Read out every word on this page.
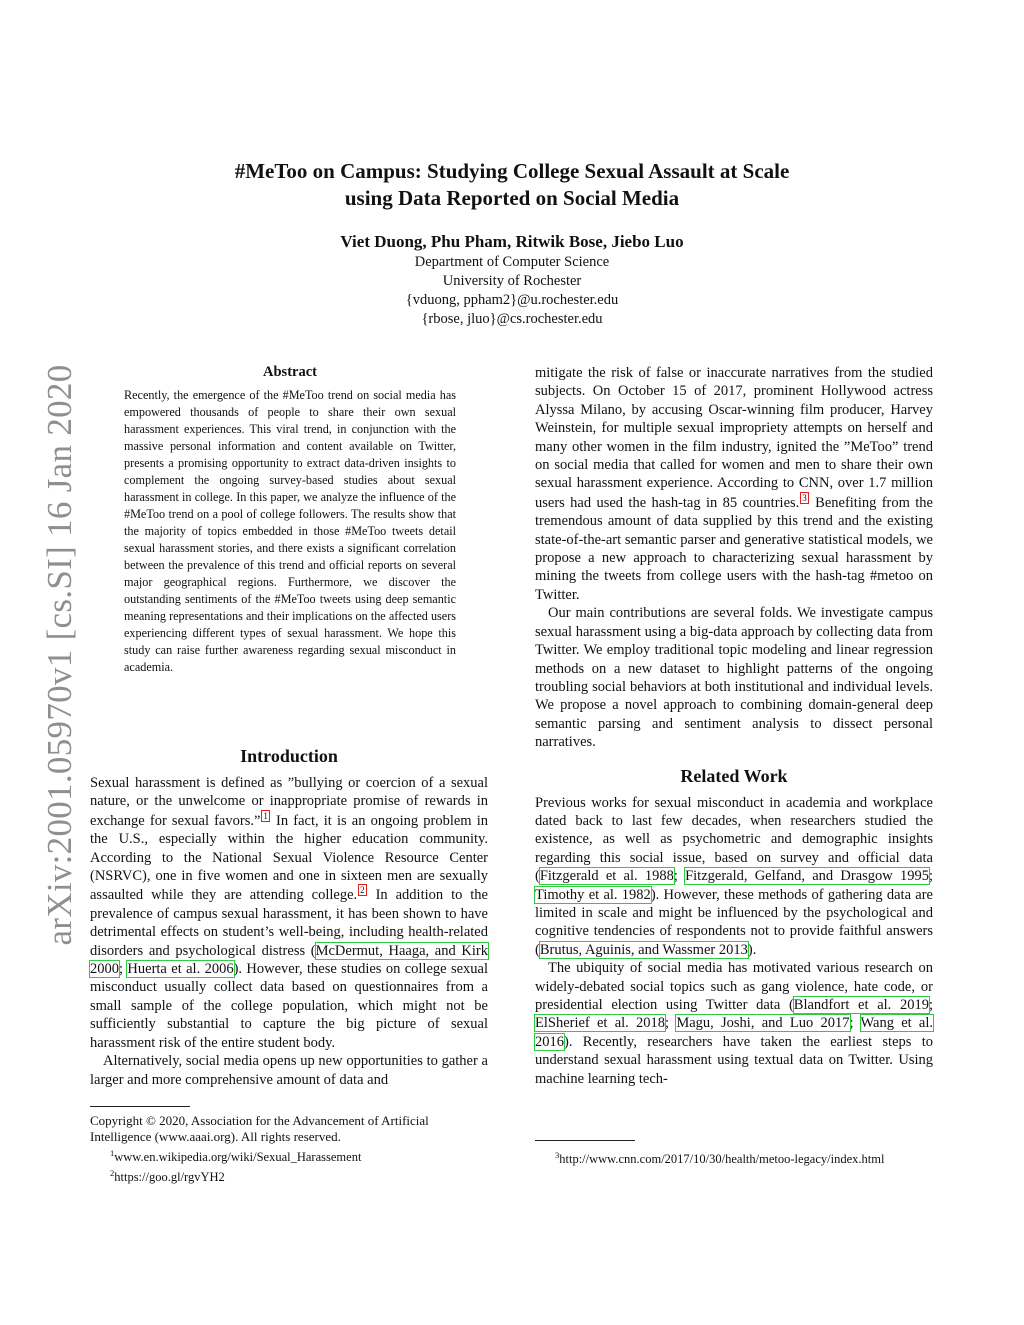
arXiv:2001.05970v1 [cs.SI] 16 Jan 2020
#MeToo on Campus: Studying College Sexual Assault at Scale
using Data Reported on Social Media
Viet Duong, Phu Pham, Ritwik Bose, Jiebo Luo
Department of Computer Science
University of Rochester
{vduong, ppham2}@u.rochester.edu
{rbose, jluo}@cs.rochester.edu
Abstract

Recently, the emergence of the #MeToo trend on social media has empowered thousands of people to share their own sexual harassment experiences. This viral trend, in conjunction with the massive personal information and content available on Twitter, presents a promising opportunity to extract data-driven insights to complement the ongoing survey-based studies about sexual harassment in college. In this paper, we analyze the influence of the #MeToo trend on a pool of college followers. The results show that the majority of topics embedded in those #MeToo tweets detail sexual harassment stories, and there exists a significant correlation between the prevalence of this trend and official reports on several major geographical regions. Furthermore, we discover the outstanding sentiments of the #MeToo tweets using deep semantic meaning representations and their implications on the affected users experiencing different types of sexual harassment. We hope this study can raise further awareness regarding sexual misconduct in academia.

Introduction

Sexual harassment is defined as ”bullying or coercion of a sexual nature, or the unwelcome or inappropriate promise of rewards in exchange for sexual favors.” 1 In fact, it is an ongoing problem in the U.S., especially within the higher education community. According to the National Sexual Violence Resource Center (NSRVC), one in five women and one in sixteen men are sexually assaulted while they are attending college. 2 In addition to the prevalence of campus sexual harassment, it has been shown to have detrimental effects on student’s well-being, including health-related disorders and psychological distress (McDermut, Haaga, and Kirk 2000; Huerta et al. 2006). However, these studies on college sexual misconduct usually collect data based on questionnaires from a small sample of the college population, which might not be sufficiently substantial to capture the big picture of sexual harassment risk of the entire student body.

Alternatively, social media opens up new opportunities to gather a larger and more comprehensive amount of data and

Copyright © 2020, Association for the Advancement of Artificial Intelligence (www.aaai.org). All rights reserved.

$^1$www.en.wikipedia.org/wiki/Sexual_Harassement

$^2$https://goo.gl/rgvYH2

mitigate the risk of false or inaccurate narratives from the studied subjects. On October 15 of 2017, prominent Hollywood actress Alyssa Milano, by accusing Oscar-winning film producer, Harvey Weinstein, for multiple sexual impropriety attempts on herself and many other women in the film industry, ignited the ”MeToo” trend on social media that called for women and men to share their own sexual harassment experience. According to CNN, over 1.7 million users had used the hash-tag in 85 countries. 3 Benefiting from the tremendous amount of data supplied by this trend and the existing state-of-the-art semantic parser and generative statistical models, we propose a new approach to characterizing sexual harassment by mining the tweets from college users with the hash-tag #metoo on Twitter.

Our main contributions are several folds. We investigate campus sexual harassment using a big-data approach by collecting data from Twitter. We employ traditional topic modeling and linear regression methods on a new dataset to highlight patterns of the ongoing troubling social behaviors at both institutional and individual levels. We propose a novel approach to combining domain-general deep semantic parsing and sentiment analysis to dissect personal narratives.

Related Work

Previous works for sexual misconduct in academia and workplace dated back to last few decades, when researchers studied the existence, as well as psychometric and demographic insights regarding this social issue, based on survey and official data (Fitzgerald et al. 1988; Fitzgerald, Gelfand, and Drasgow 1995; Timothy et al. 1982). However, these methods of gathering data are limited in scale and might be influenced by the psychological and cognitive tendencies of respondents not to provide faithful answers (Brutus, Aguinis, and Wassmer 2013).

The ubiquity of social media has motivated various research on widely-debated social topics such as gang violence, hate code, or presidential election using Twitter data (Blandfort et al. 2019; ElSherief et al. 2018; Magu, Joshi, and Luo 2017; Wang et al. 2016). Recently, researchers have taken the earliest steps to understand sexual harassment using textual data on Twitter. Using machine learning tech-

$^3$http://www.cnn.com/2017/10/30/health/metoo-legacy/index.html
